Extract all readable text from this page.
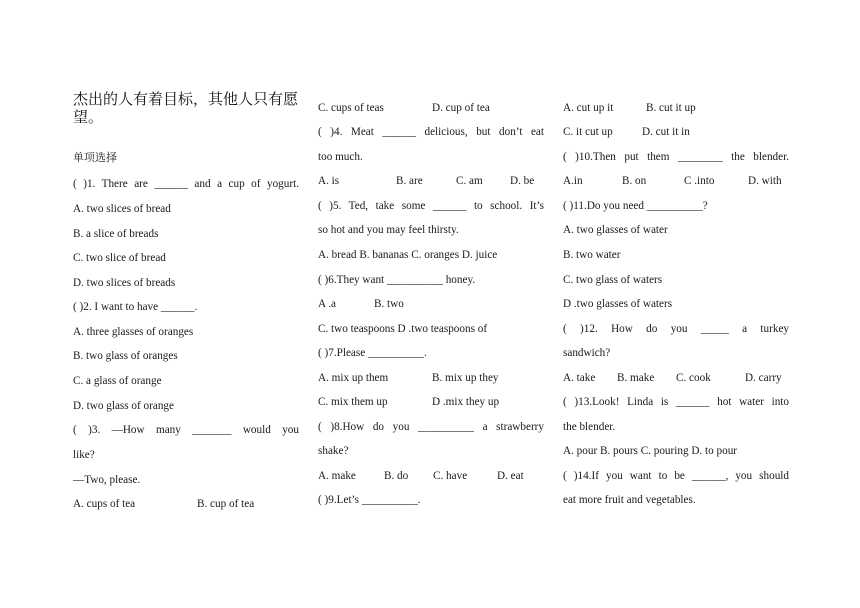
杰出的人有着目标，其他人只有愿望。
单项选择
( )1. There are ______ and a cup of yogurt.
A. two slices of bread
B. a slice of breads
C. two slice of bread
D. two slices of breads
( )2. I want to have ______.
A. three glasses of oranges
B. two glass of oranges
C. a glass of orange
D. two glass of orange
( )3. —How many _______ would you
like?
—Two, please.
A. cups of tea	B. cup of tea
C. cups of teas	D. cup of tea
( )4. Meat ______ delicious, but don’t eat
too much.
A. is	B. are	C. am D. be
( )5. Ted, take some ______ to school. It’s
so hot and you may feel thirsty.
A. bread B. bananas C. oranges D. juice
( )6.They want __________ honey.
A .a	B. two
C. two teaspoons D .two teaspoons of
( )7.Please __________.
A. mix up them	B. mix up they
C. mix them up	D .mix they up
( )8.How do you __________ a strawberry
shake?
A. make	B. do C. have	D. eat
( )9.Let’s __________.
A. cut up it	B. cut it up
C. it cut up	D. cut it in
( )10.Then put them ________ the blender.
A.in	B. on	C .into	D. with
( )11.Do you need __________?
A. two glasses of water
B. two water
C. two glass of waters
D .two glasses of waters
( )12. How do you _____ a turkey
sandwich?
A. take B. make C. cook	D. carry
( )13.Look! Linda is ______ hot water into
the blender.
A. pour B. pours C. pouring D. to pour
( )14.If you want to be ______, you should
eat more fruit and vegetables.
